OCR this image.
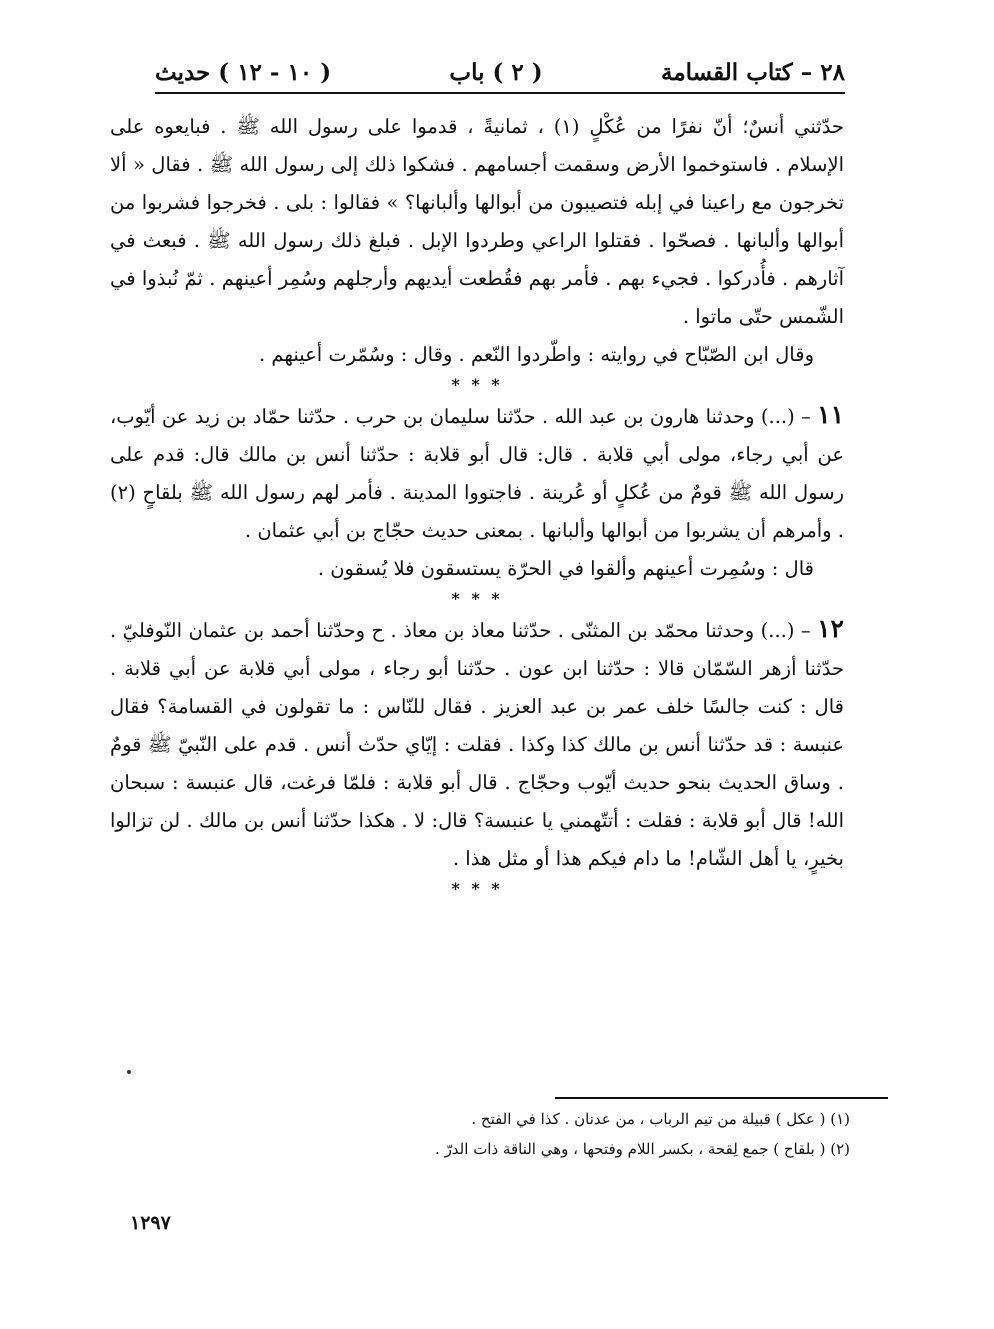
٢٨ – كتاب القسامة
( ٢ ) باب
( ١٠ - ١٢ ) حديث

حدّثني أنسٌ؛ أنّ نفرًا من عُكْلٍ (١) ، ثمانيةً ، قدموا على رسول الله ﷺ . فبايعوه على الإسلام . فاستوخموا الأرض وسقمت أجسامهم . فشكوا ذلك إلى رسول الله ﷺ . فقال « ألا تخرجون مع راعينا في إبله فتصيبون من أبوالها وألبانها؟ » فقالوا : بلى . فخرجوا فشربوا من أبوالها وألبانها . فصحّوا . فقتلوا الراعي وطردوا الإبل . فبلغ ذلك رسول الله ﷺ . فبعث في آثارهم . فأُدركوا . فجيء بهم . فأمر بهم فقُطعت أيديهم وأرجلهم وسُمِر أعينهم . ثمّ نُبذوا في الشّمس حتّى ماتوا .

وقال ابن الصّبّاح في روايته : واطّردوا النّعم . وقال : وسُمّرت أعينهم .

* * *

١١ – (...) وحدثنا هارون بن عبد الله . حدّثنا سليمان بن حرب . حدّثنا حمّاد بن زيد عن أيّوب، عن أبي رجاء، مولى أبي قلابة . قال: قال أبو قلابة : حدّثنا أنس بن مالك قال: قدم على رسول الله ﷺ قومٌ من عُكلٍ أو عُرينة . فاجتووا المدينة . فأمر لهم رسول الله ﷺ بلقاحٍ (٢) . وأمرهم أن يشربوا من أبوالها وألبانها . بمعنى حديث حجّاج بن أبي عثمان .

قال : وسُمِرت أعينهم وألقوا في الحرّة يستسقون فلا يُسقون .

* * *

١٢ – (...) وحدثنا محمّد بن المثنّى . حدّثنا معاذ بن معاذ . ح وحدّثنا أحمد بن عثمان النّوفليّ . حدّثنا أزهر السّمّان قالا : حدّثنا ابن عون . حدّثنا أبو رجاء ، مولى أبي قلابة عن أبي قلابة . قال : كنت جالسًا خلف عمر بن عبد العزيز . فقال للنّاس : ما تقولون في القسامة؟ فقال عنبسة : قد حدّثنا أنس بن مالك كذا وكذا . فقلت : إيّاي حدّث أنس . قدم على النّبيّ ﷺ قومٌ . وساق الحديث بنحو حديث أيّوب وحجّاج . قال أبو قلابة : فلمّا فرغت، قال عنبسة : سبحان الله! قال أبو قلابة : فقلت : أتتّهمني يا عنبسة؟ قال: لا . هكذا حدّثنا أنس بن مالك . لن تزالوا بخيرٍ، يا أهل الشّام! ما دام فيكم هذا أو مثل هذا .

* * *

(١) ( عكل ) قبيلة من تيم الرباب ، من عدنان . كذا في الفتح .

(٢) ( بلقاح ) جمع لِقحة ، بكسر اللام وفتحها ، وهي الناقة ذات الدرّ .

١٢٩٧
